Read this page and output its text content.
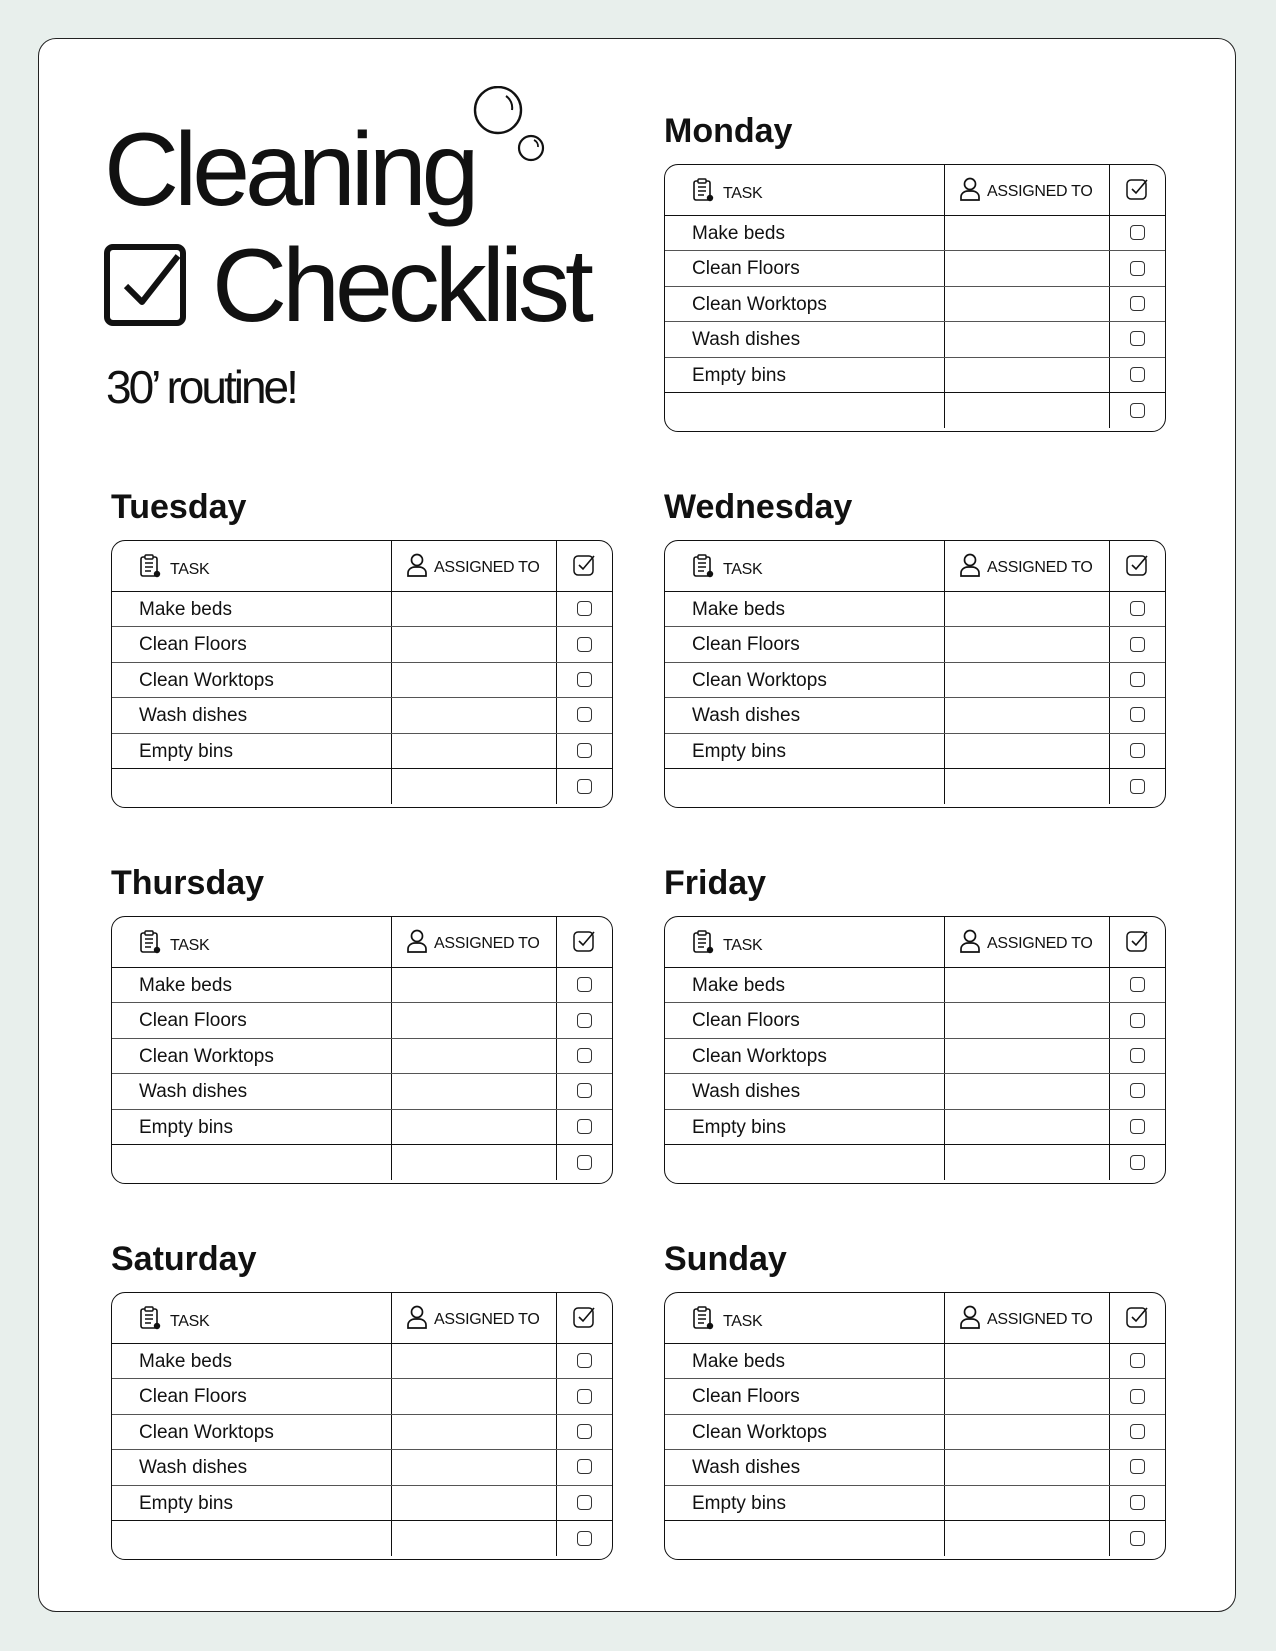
Cleaning
Checklist
30’ routine!
Monday
TASK	ASSIGNED TO
Make beds
Clean Floors
Clean Worktops
Wash dishes
Empty bins
Tuesday
TASK	ASSIGNED TO
Make beds
Clean Floors
Clean Worktops
Wash dishes
Empty bins
Wednesday
TASK	ASSIGNED TO
Make beds
Clean Floors
Clean Worktops
Wash dishes
Empty bins
Thursday
TASK	ASSIGNED TO
Make beds
Clean Floors
Clean Worktops
Wash dishes
Empty bins
Friday
TASK	ASSIGNED TO
Make beds
Clean Floors
Clean Worktops
Wash dishes
Empty bins
Saturday
TASK	ASSIGNED TO
Make beds
Clean Floors
Clean Worktops
Wash dishes
Empty bins
Sunday
TASK	ASSIGNED TO
Make beds
Clean Floors
Clean Worktops
Wash dishes
Empty bins
